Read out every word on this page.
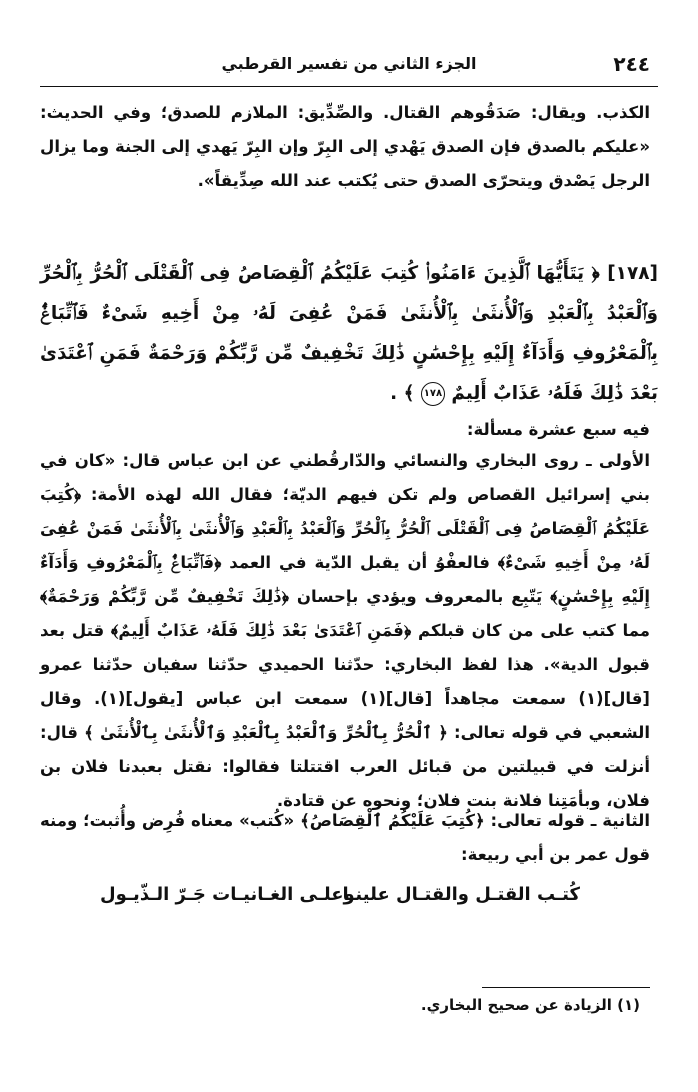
٢٤٤
الجزء الثاني من تفسير القرطبي
الكذب. ويقال: صَدَقُوهم القتال. والصِّدِّيق: الملازم للصدق؛ وفي الحديث: «عليكم بالصدق فإن الصدق يَهْدي إلى البِرّ وإن البِرّ يَهدي إلى الجنة وما يزال الرجل يَصْدق ويتحرّى الصدق حتى يُكتب عند الله صِدِّيقاً».
[١٧٨] ﴿ يَتَأَيُّهَا ٱلَّذِينَ ءَامَنُوا۟ كُتِبَ عَلَيْكُمُ ٱلْقِصَاصُ فِى ٱلْقَتْلَى ٱلْحُرُّ بِٱلْحُرِّ وَٱلْعَبْدُ بِٱلْعَبْدِ وَٱلْأُنثَىٰ بِٱلْأُنثَىٰ فَمَنْ عُفِىَ لَهُۥ مِنْ أَخِيهِ شَىْءٌ فَٱتِّبَاعٌۢ بِٱلْمَعْرُوفِ وَأَدَآءٌ إِلَيْهِ بِإِحْسَٰنٍ ذَٰلِكَ تَخْفِيفٌ مِّن رَّبِّكُمْ وَرَحْمَةٌ فَمَنِ ٱعْتَدَىٰ بَعْدَ ذَٰلِكَ فَلَهُۥ عَذَابٌ أَلِيمٌ ١٧٨ ﴾ .
فيه سبع عشرة مسألة:
الأولى ـ روى البخاري والنسائي والدّارقُطني عن ابن عباس قال: «كان في بني إسرائيل القصاص ولم تكن فيهم الديّة؛ فقال الله لهذه الأمة: ﴿كُتِبَ عَلَيْكُمُ ٱلْقِصَاصُ فِى ٱلْقَتْلَى ٱلْحُرُّ بِٱلْحُرِّ وَٱلْعَبْدُ بِٱلْعَبْدِ وَٱلْأُنثَىٰ بِٱلْأُنثَىٰ فَمَنْ عُفِىَ لَهُۥ مِنْ أَخِيهِ شَىْءٌ﴾ فالعفْوُ أن يقبل الدّية في العمد ﴿فَٱتِّبَاعٌۢ بِٱلْمَعْرُوفِ وَأَدَآءٌ إِلَيْهِ بِإِحْسَٰنٍ﴾ يَتّبِع بالمعروف ويؤدي بإحسان ﴿ذَٰلِكَ تَخْفِيفٌ مِّن رَّبِّكُمْ وَرَحْمَةٌ﴾ مما كتب على من كان قبلكم ﴿فَمَنِ ٱعْتَدَىٰ بَعْدَ ذَٰلِكَ فَلَهُۥ عَذَابٌ أَلِيمٌ﴾ قتل بعد قبول الدية». هذا لفظ البخاري: حدّثنا الحميدي حدّثنا سفيان حدّثنا عمرو [قال](١) سمعت مجاهداً [قال](١) سمعت ابن عباس [يقول](١). وقال الشعبي في قوله تعالى: ﴿ ٱلْحُرُّ بِٱلْحُرِّ وَٱلْعَبْدُ بِٱلْعَبْدِ وَٱلْأُنثَىٰ بِٱلْأُنثَىٰ ﴾ قال: أنزلت في قبيلتين من قبائل العرب اقتتلتا فقالوا: نقتل بعبدنا فلان بن فلان، وبأمَتِنا فلانة بنت فلان؛ ونحوه عن قتادة.
الثانية ـ قوله تعالى: ﴿كُتِبَ عَلَيْكُمُ ٱلْقِصَاصُ﴾ «كُتب» معناه فُرِض وأُثبت؛ ومنه قول عمر بن أبي ربيعة:
كُتـب القتـل والقتـال علينـا
وعلـى الغـانيـات جَـرّ الـذّيـول
(١) الزيادة عن صحيح البخاري.
